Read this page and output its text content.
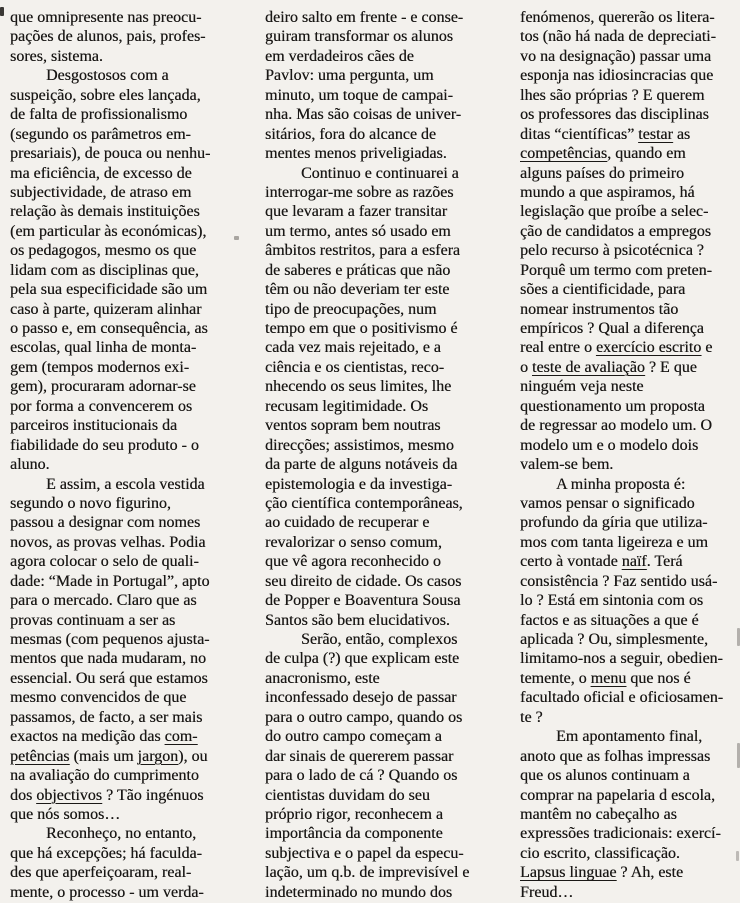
que omnipresente nas preocu-
pações de alunos, pais, profes-
sores, sistema.
Desgostosos com a
suspeição, sobre eles lançada,
de falta de profissionalismo
(segundo os parâmetros em-
presariais), de pouca ou nenhu-
ma eficiência, de excesso de
subjectividade, de atraso em
relação às demais instituições
(em particular às económicas),
os pedagogos, mesmo os que
lidam com as disciplinas que,
pela sua especificidade são um
caso à parte, quizeram alinhar
o passo e, em consequência, as
escolas, qual linha de monta-
gem (tempos modernos exi-
gem), procuraram adornar-se
por forma a convencerem os
parceiros institucionais da
fiabilidade do seu produto - o
aluno.
E assim, a escola vestida
segundo o novo figurino,
passou a designar com nomes
novos, as provas velhas. Podia
agora colocar o selo de quali-
dade: “Made in Portugal”, apto
para o mercado. Claro que as
provas continuam a ser as
mesmas (com pequenos ajusta-
mentos que nada mudaram, no
essencial. Ou será que estamos
mesmo convencidos de que
passamos, de facto, a ser mais
exactos na medição das com-
petências (mais um jargon), ou
na avaliação do cumprimento
dos objectivos ? Tão ingénuos
que nós somos…
Reconheço, no entanto,
que há excepções; há faculda-
des que aperfeiçoaram, real-
mente, o processo - um verda-
deiro salto em frente - e conse-
guiram transformar os alunos
em verdadeiros cães de
Pavlov: uma pergunta, um
minuto, um toque de campai-
nha. Mas são coisas de univer-
sitários, fora do alcance de
mentes menos priveligiadas.
Continuo e continuarei a
interrogar-me sobre as razões
que levaram a fazer transitar
um termo, antes só usado em
âmbitos restritos, para a esfera
de saberes e práticas que não
têm ou não deveriam ter este
tipo de preocupações, num
tempo em que o positivismo é
cada vez mais rejeitado, e a
ciência e os cientistas, reco-
nhecendo os seus limites, lhe
recusam legitimidade. Os
ventos sopram bem noutras
direcções; assistimos, mesmo
da parte de alguns notáveis da
epistemologia e da investiga-
ção científica contemporâneas,
ao cuidado de recuperar e
revalorizar o senso comum,
que vê agora reconhecido o
seu direito de cidade. Os casos
de Popper e Boaventura Sousa
Santos são bem elucidativos.
Serão, então, complexos
de culpa (?) que explicam este
anacronismo, este
inconfessado desejo de passar
para o outro campo, quando os
do outro campo começam a
dar sinais de quererem passar
para o lado de cá ? Quando os
cientistas duvidam do seu
próprio rigor, reconhecem a
importância da componente
subjectiva e o papel da especu-
lação, um q.b. de imprevisível e
indeterminado no mundo dos
fenómenos, quererão os litera-
tos (não há nada de depreciati-
vo na designação) passar uma
esponja nas idiosincracias que
lhes são próprias ? E querem
os professores das disciplinas
ditas “científicas” testar as
competências, quando em
alguns países do primeiro
mundo a que aspiramos, há
legislação que proíbe a selec-
ção de candidatos a empregos
pelo recurso à psicotécnica ?
Porquê um termo com preten-
sões a cientificidade, para
nomear instrumentos tão
empíricos ? Qual a diferença
real entre o exercício escrito e
o teste de avaliação ? E que
ninguém veja neste
questionamento um proposta
de regressar ao modelo um. O
modelo um e o modelo dois
valem-se bem.
A minha proposta é:
vamos pensar o significado
profundo da gíria que utiliza-
mos com tanta ligeireza e um
certo à vontade naïf. Terá
consistência ? Faz sentido usá-
lo ? Está em sintonia com os
factos e as situações a que é
aplicada ? Ou, simplesmente,
limitamo-nos a seguir, obedien-
temente, o menu que nos é
facultado oficial e oficiosamen-
te ?
Em apontamento final,
anoto que as folhas impressas
que os alunos continuam a
comprar na papelaria d escola,
mantêm no cabeçalho as
expressões tradicionais: exercí-
cio escrito, classificação.
Lapsus linguae ? Ah, este
Freud…
